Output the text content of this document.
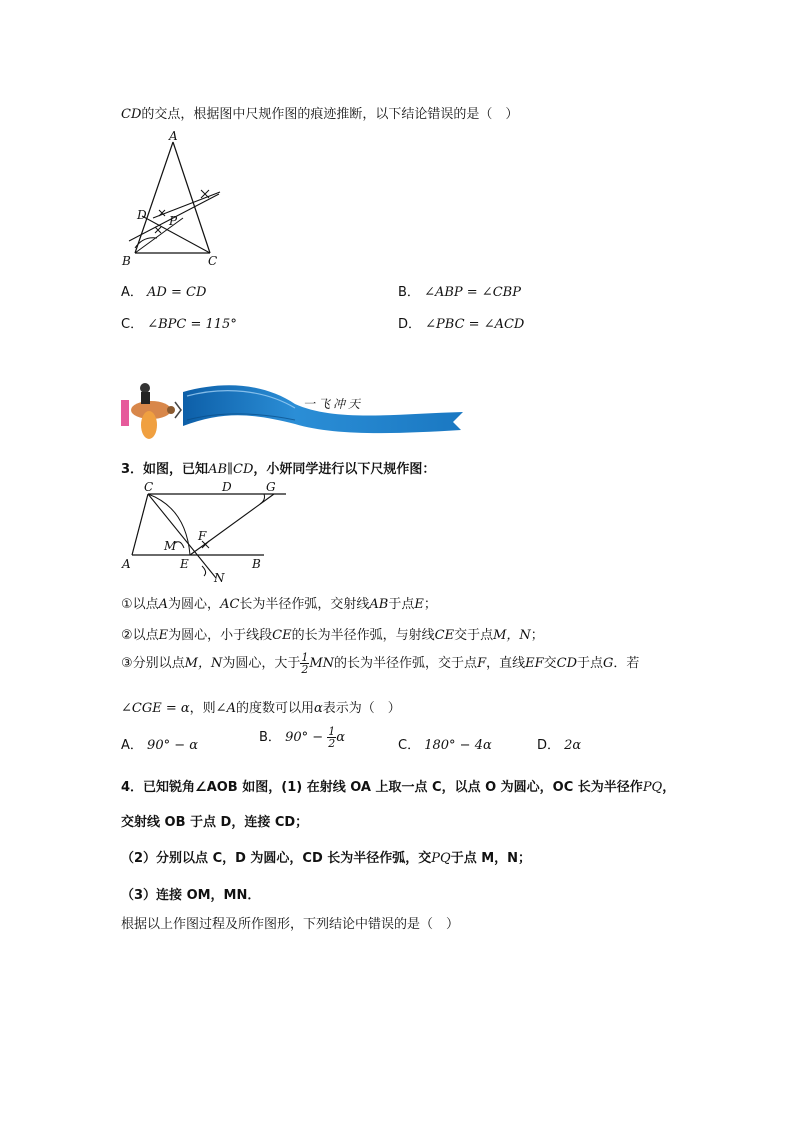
CD的交点，根据图中尺规作图的痕迹推断，以下结论错误的是（　）
A
D P
B	C
A． AD = CD	B． ∠ABP = ∠CBP
C． ∠BPC = 115°	D． ∠PBC = ∠ACD
一飞冲天
3．如图，已知AB∥CD，小妍同学进行以下尺规作图：
C	D	G
F
M
A	E	B
N
①以点A为圆心，AC长为半径作弧，交射线AB于点E；
②以点E为圆心，小于线段CE的长为半径作弧，与射线CE交于点M，N；
③分别以点M，N为圆心，大于 $\frac{1}{2}$ MN的长为半径作弧，交于点F，直线EF交CD于点G．若
∠CGE = α，则∠A的度数可以用α表示为（　）
A． 90° − α
B． $90^\circ - \frac{1}{2}$ α
C． 180° − 4α	D． 2α
4．已知锐角∠AOB 如图，(1) 在射线 OA 上取一点 C，以点 O 为圆心，OC 长为半径作PQ，
交射线 OB 于点 D，连接 CD；
（2）分别以点 C，D 为圆心，CD 长为半径作弧，交PQ于点 M，N；
（3）连接 OM，MN．
根据以上作图过程及所作图形，下列结论中错误的是（　）
